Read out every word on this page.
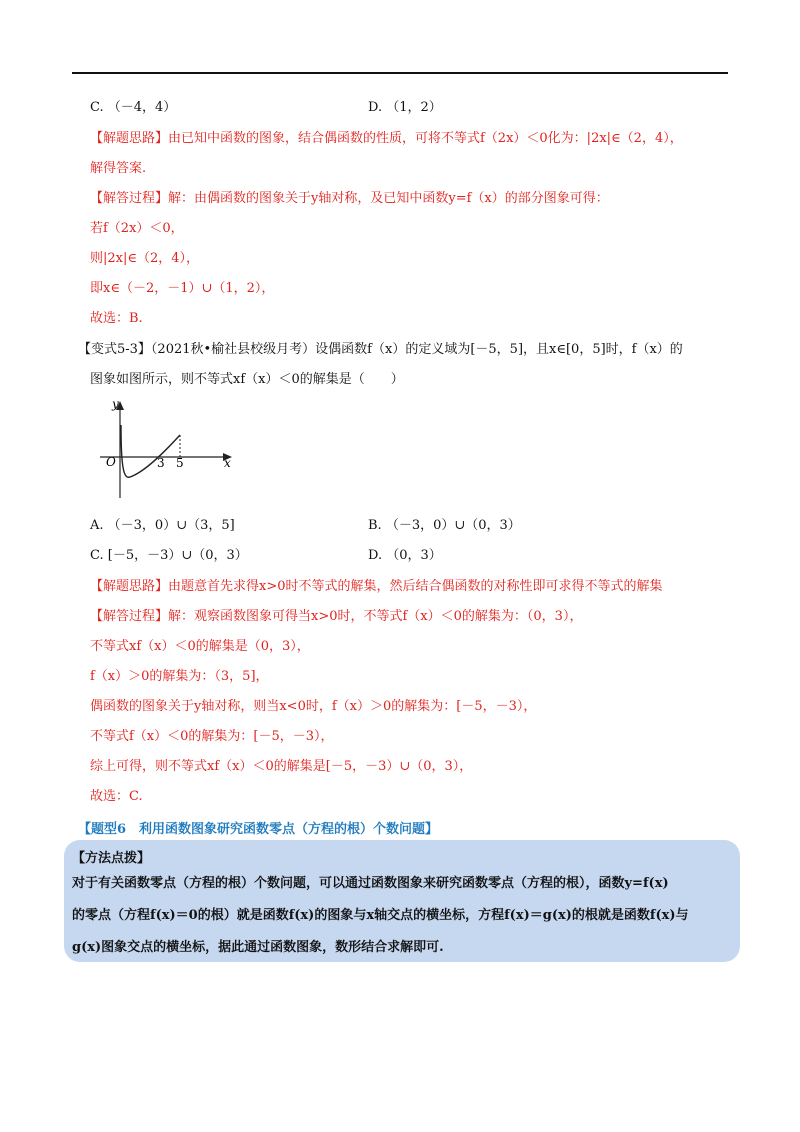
C. （－4，4）	D. （1，2）
【解题思路】由已知中函数的图象，结合偶函数的性质，可将不等式f（2x）＜0化为：|2x|∈（2，4），
解得答案.
【解答过程】解：由偶函数的图象关于y轴对称，及已知中函数y=f（x）的部分图象可得：
若f（2x）＜0，
则|2x|∈（2，4），
即x∈（－2，－1）∪（1，2），
故选：B.
【变式5-3】（2021秋•榆社县校级月考）设偶函数f（x）的定义域为[－5，5]，且x∈[0，5]时，f（x）的
图象如图所示，则不等式xf（x）＜0的解集是（　　）
y
O	3 5	x
A. （－3，0）∪（3，5]	B. （－3，0）∪（0，3）
C. [－5，－3）∪（0，3）	D. （0，3）
【解题思路】由题意首先求得x>0时不等式的解集，然后结合偶函数的对称性即可求得不等式的解集
【解答过程】解：观察函数图象可得当x>0时，不等式f（x）＜0的解集为：（0，3），
不等式xf（x）＜0的解集是（0，3），
f（x）＞0的解集为：（3，5]，
偶函数的图象关于y轴对称，则当x<0时，f（x）＞0的解集为：[－5，－3），
不等式f（x）＜0的解集为：[－5，－3），
综上可得，则不等式xf（x）＜0的解集是[－5，－3）∪（0，3），
故选：C.
【题型6　利用函数图象研究函数零点（方程的根）个数问题】
【方法点拨】
对于有关函数零点（方程的根）个数问题，可以通过函数图象来研究函数零点（方程的根），函数y=f(x)
的零点（方程f(x)＝0的根）就是函数f(x)的图象与x轴交点的横坐标，方程f(x)＝g(x)的根就是函数f(x)与
g(x)图象交点的横坐标，据此通过函数图象，数形结合求解即可.
